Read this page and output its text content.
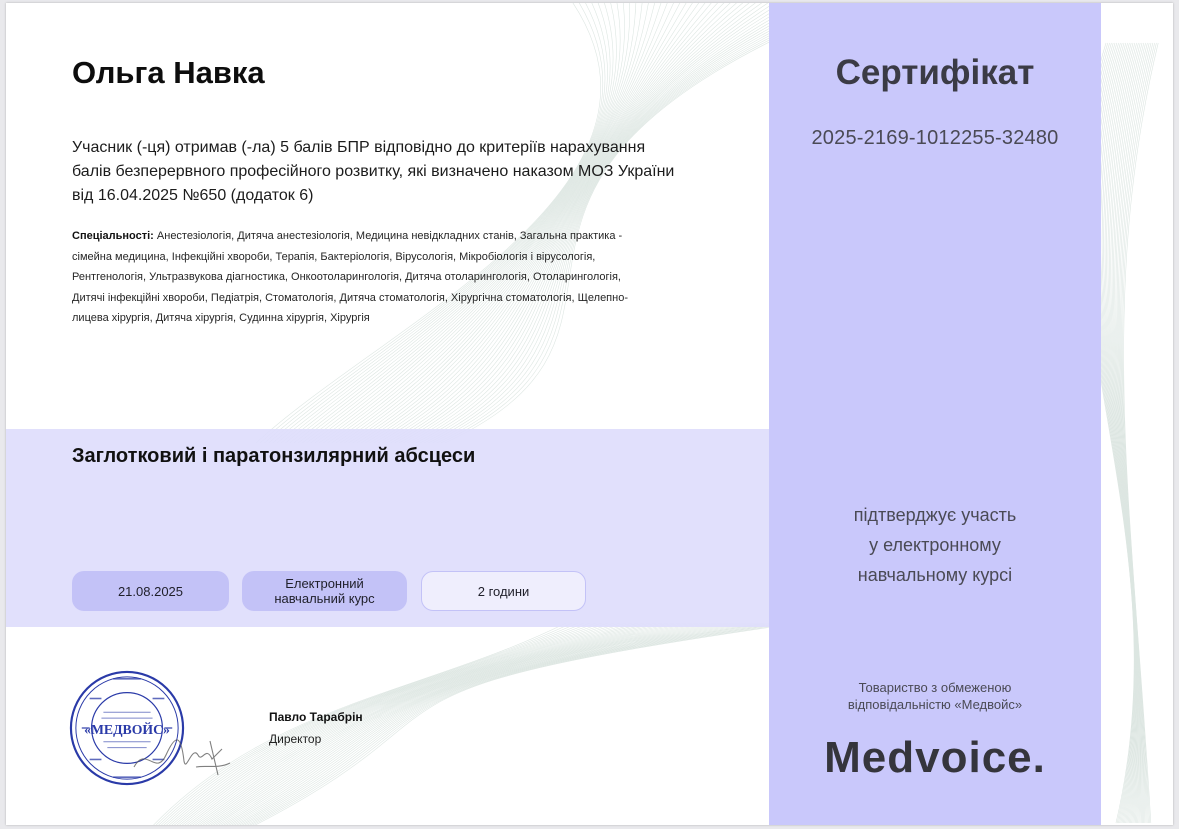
Сертифікат
2025-2169-1012255-32480
підтверджує участь
у електронному
навчальному курсі
Товариство з обмеженою
відповідальністю «Медвойс»
Medvoice.
Ольга Навка
Учасник (-ця) отримав (-ла) 5 балів БПР відповідно до критеріїв нарахування
балів безперервного професійного розвитку, які визначено наказом МОЗ України
від 16.04.2025 №650 (додаток 6)
Спеціальності: Анестезіологія, Дитяча анестезіологія, Медицина невідкладних станів, Загальна практика -
сімейна медицина, Інфекційні хвороби, Терапія, Бактеріологія, Вірусологія, Мікробіологія і вірусологія,
Рентгенологія, Ультразвукова діагностика, Онкоотоларингологія, Дитяча отоларингологія, Отоларингологія,
Дитячі інфекційні хвороби, Педіатрія, Стоматологія, Дитяча стоматологія, Хірургічна стоматологія, Щелепно-
лицева хірургія, Дитяча хірургія, Судинна хірургія, Хірургія
Заглотковий і паратонзилярний абсцеси
21.08.2025	Електронний
навчальний курс	2 години
«МЕДВОЙС»
Павло Тарабрін
Директор
